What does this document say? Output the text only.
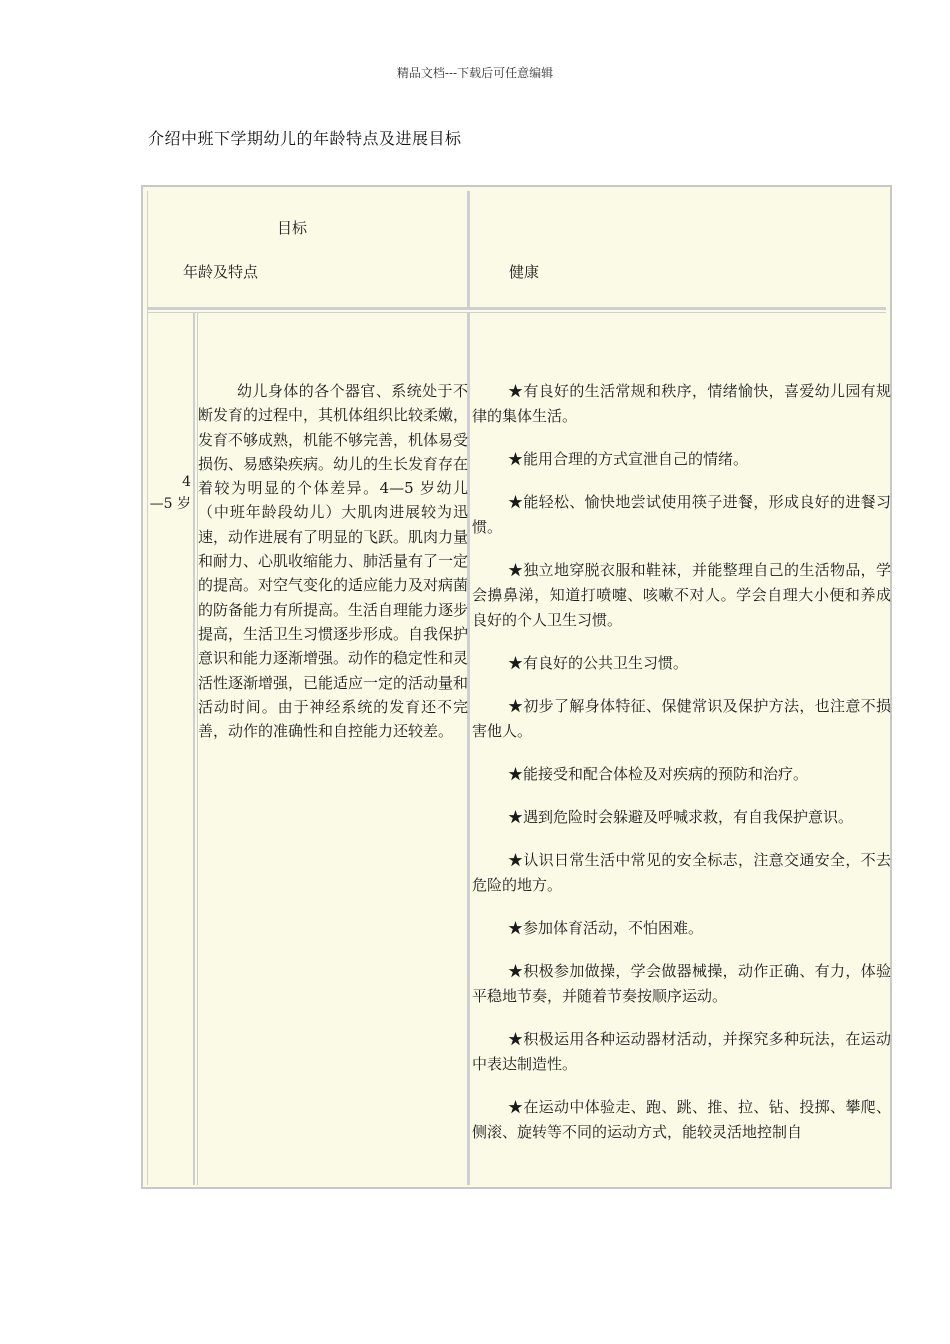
精品文档---下载后可任意编辑
介绍中班下学期幼儿的年龄特点及进展目标
目标
年龄及特点	健康
4
—5 岁
幼儿身体的各个器官、系统处于不断发育的过程中，其机体组织比较柔嫩，发育不够成熟，机能不够完善，机体易受损伤、易感染疾病。幼儿的生长发育存在着较为明显的个体差异。4—5 岁幼儿（中班年龄段幼儿）大肌肉进展较为迅速，动作进展有了明显的飞跃。肌肉力量和耐力、心肌收缩能力、肺活量有了一定的提高。对空气变化的适应能力及对病菌的防备能力有所提高。生活自理能力逐步提高，生活卫生习惯逐步形成。自我保护意识和能力逐渐增强。动作的稳定性和灵活性逐渐增强，已能适应一定的活动量和活动时间。由于神经系统的发育还不完善，动作的准确性和自控能力还较差。

★有良好的生活常规和秩序，情绪愉快，喜爱幼儿园有规律的集体生活。

★能用合理的方式宣泄自己的情绪。

★能轻松、愉快地尝试使用筷子进餐，形成良好的进餐习惯。

★独立地穿脱衣服和鞋袜，并能整理自己的生活物品，学会擤鼻涕，知道打喷嚏、咳嗽不对人。学会自理大小便和养成良好的个人卫生习惯。

★有良好的公共卫生习惯。

★初步了解身体特征、保健常识及保护方法，也注意不损害他人。

★能接受和配合体检及对疾病的预防和治疗。

★遇到危险时会躲避及呼喊求救，有自我保护意识。

★认识日常生活中常见的安全标志，注意交通安全，不去危险的地方。

★参加体育活动，不怕困难。

★积极参加做操，学会做器械操，动作正确、有力，体验平稳地节奏，并随着节奏按顺序运动。

★积极运用各种运动器材活动，并探究多种玩法，在运动中表达制造性。

★在运动中体验走、跑、跳、推、拉、钻、投掷、攀爬、侧滚、旋转等不同的运动方式，能较灵活地控制自
